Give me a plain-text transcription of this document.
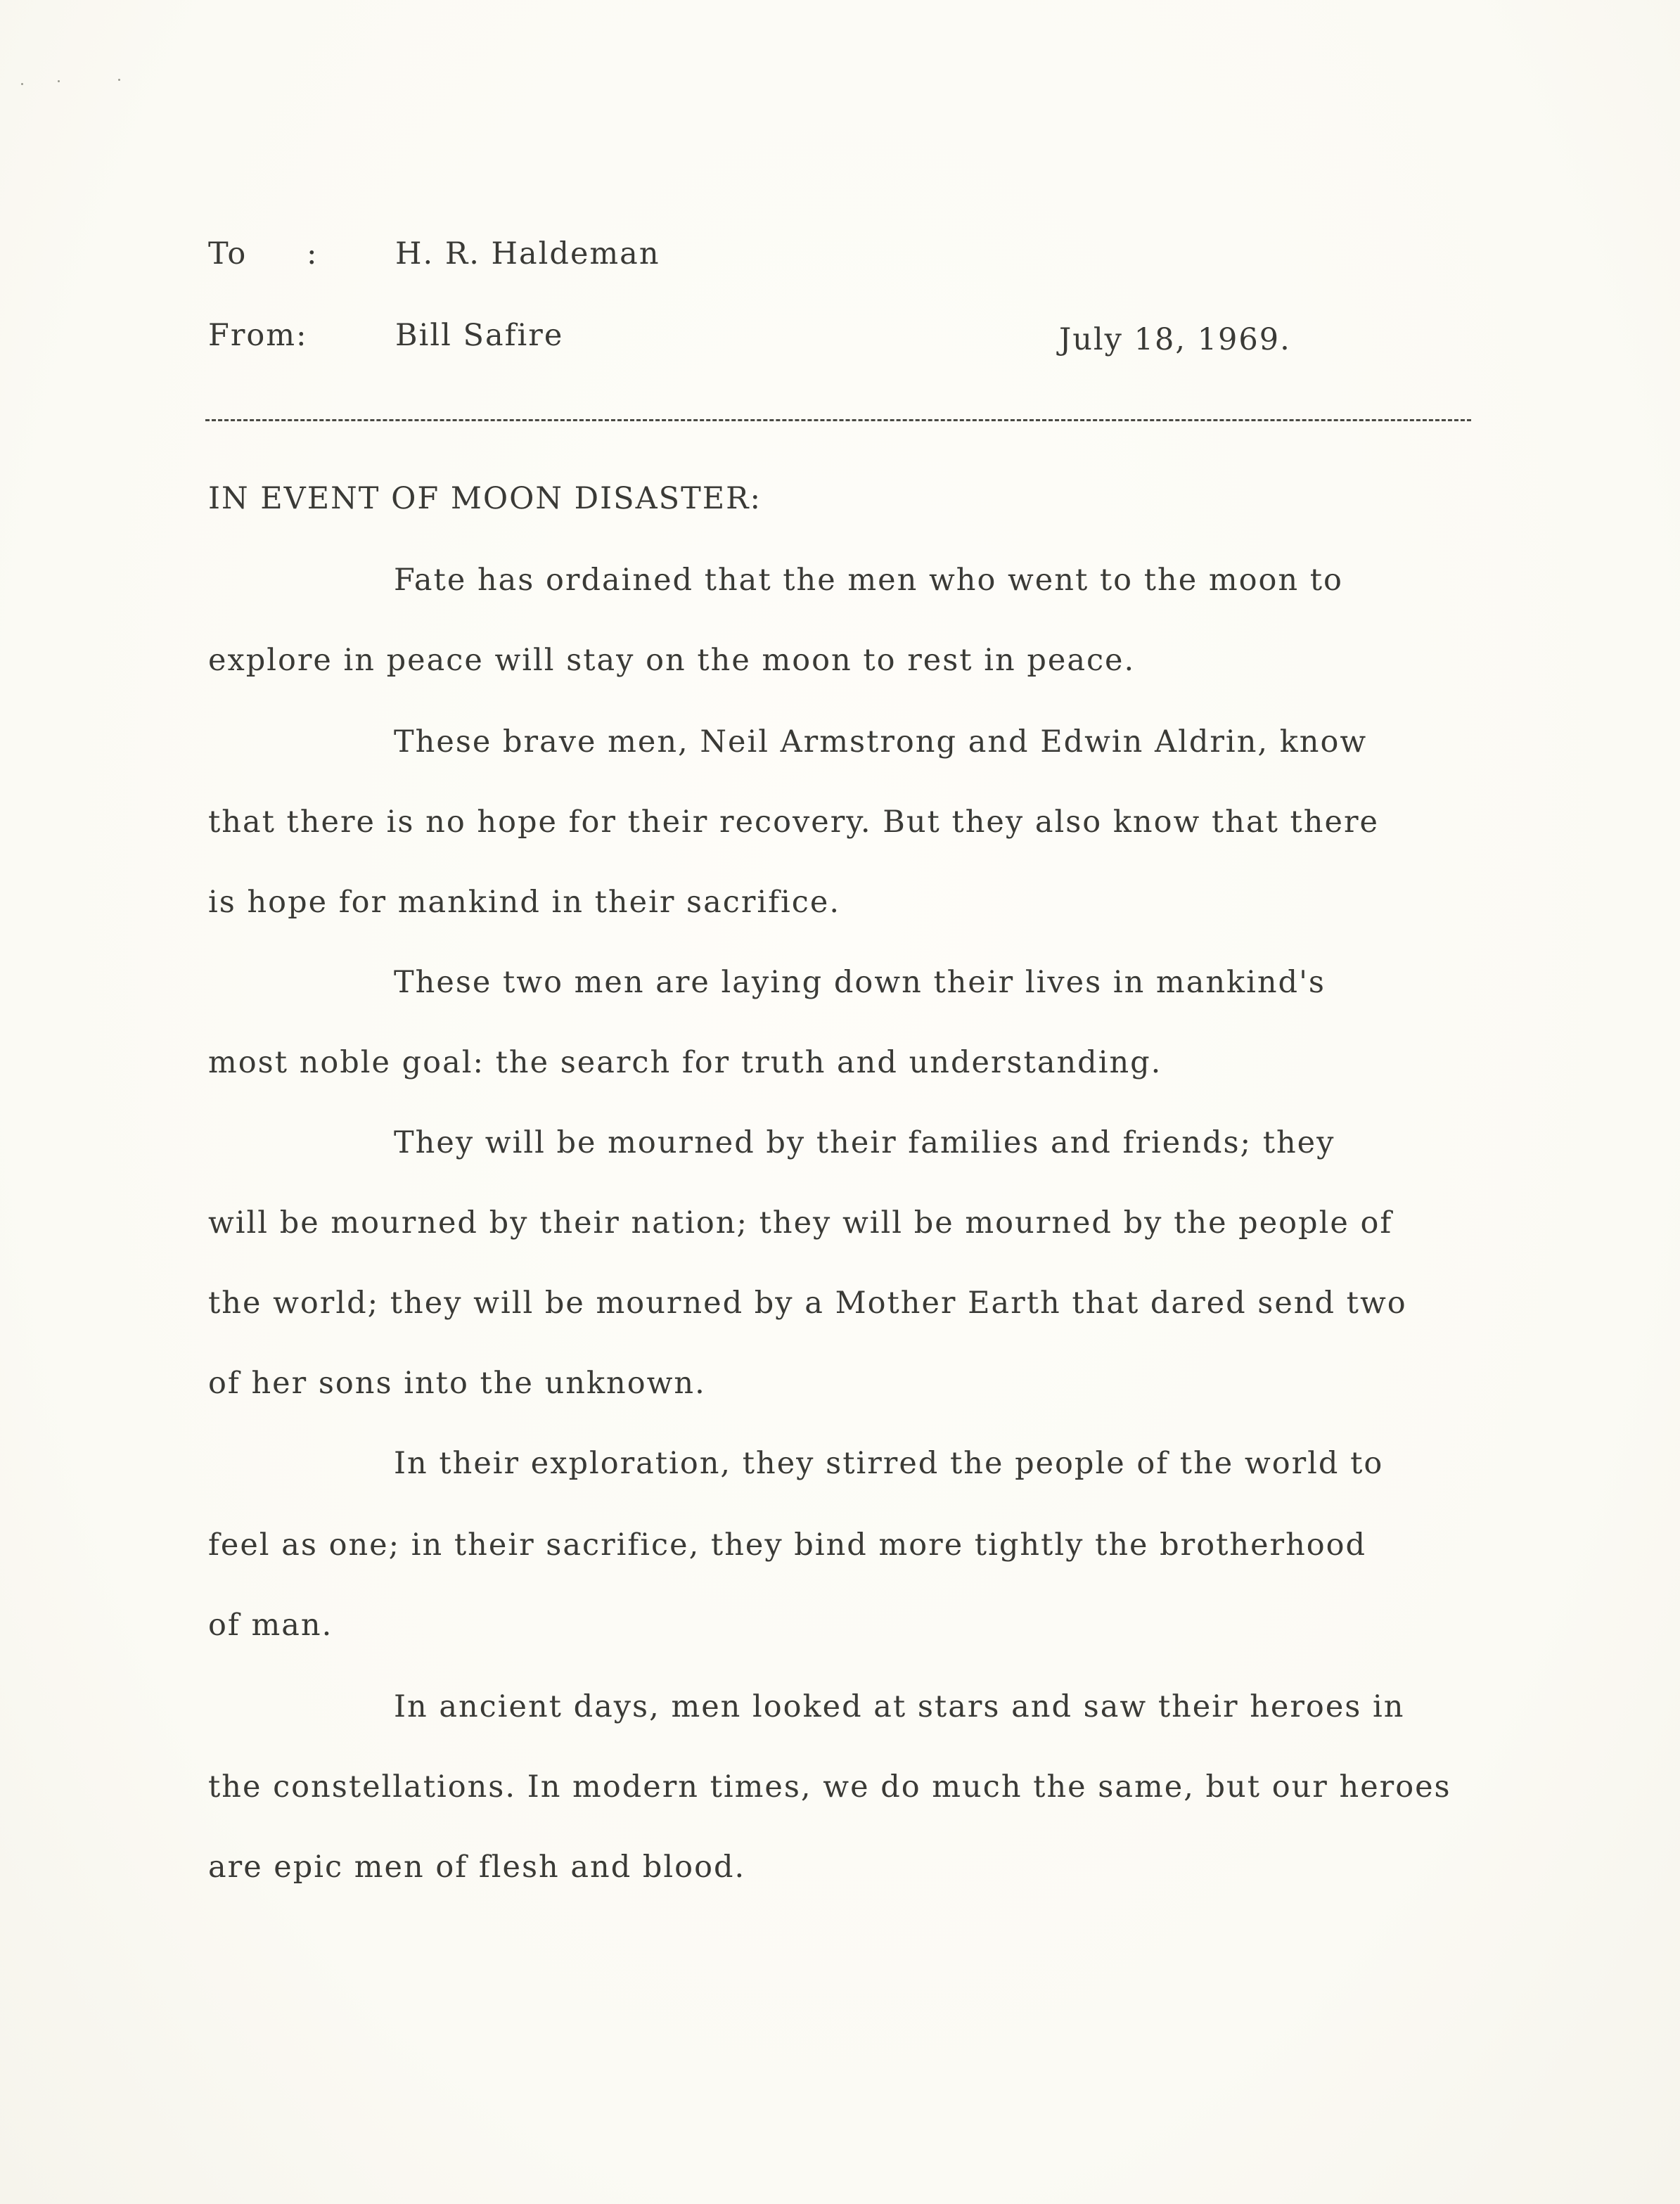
To :	H. R. Haldeman
From:	Bill Safire	July 18, 1969.
IN EVENT OF MOON DISASTER:
Fate has ordained that the men who went to the moon to
explore in peace will stay on the moon to rest in peace.
These brave men, Neil Armstrong and Edwin Aldrin, know
that there is no hope for their recovery. But they also know that there
is hope for mankind in their sacrifice.
These two men are laying down their lives in mankind's
most noble goal: the search for truth and understanding.
They will be mourned by their families and friends; they
will be mourned by their nation; they will be mourned by the people of
the world; they will be mourned by a Mother Earth that dared send two
of her sons into the unknown.
In their exploration, they stirred the people of the world to
feel as one; in their sacrifice, they bind more tightly the brotherhood
of man.
In ancient days, men looked at stars and saw their heroes in
the constellations. In modern times, we do much the same, but our heroes
are epic men of flesh and blood.
